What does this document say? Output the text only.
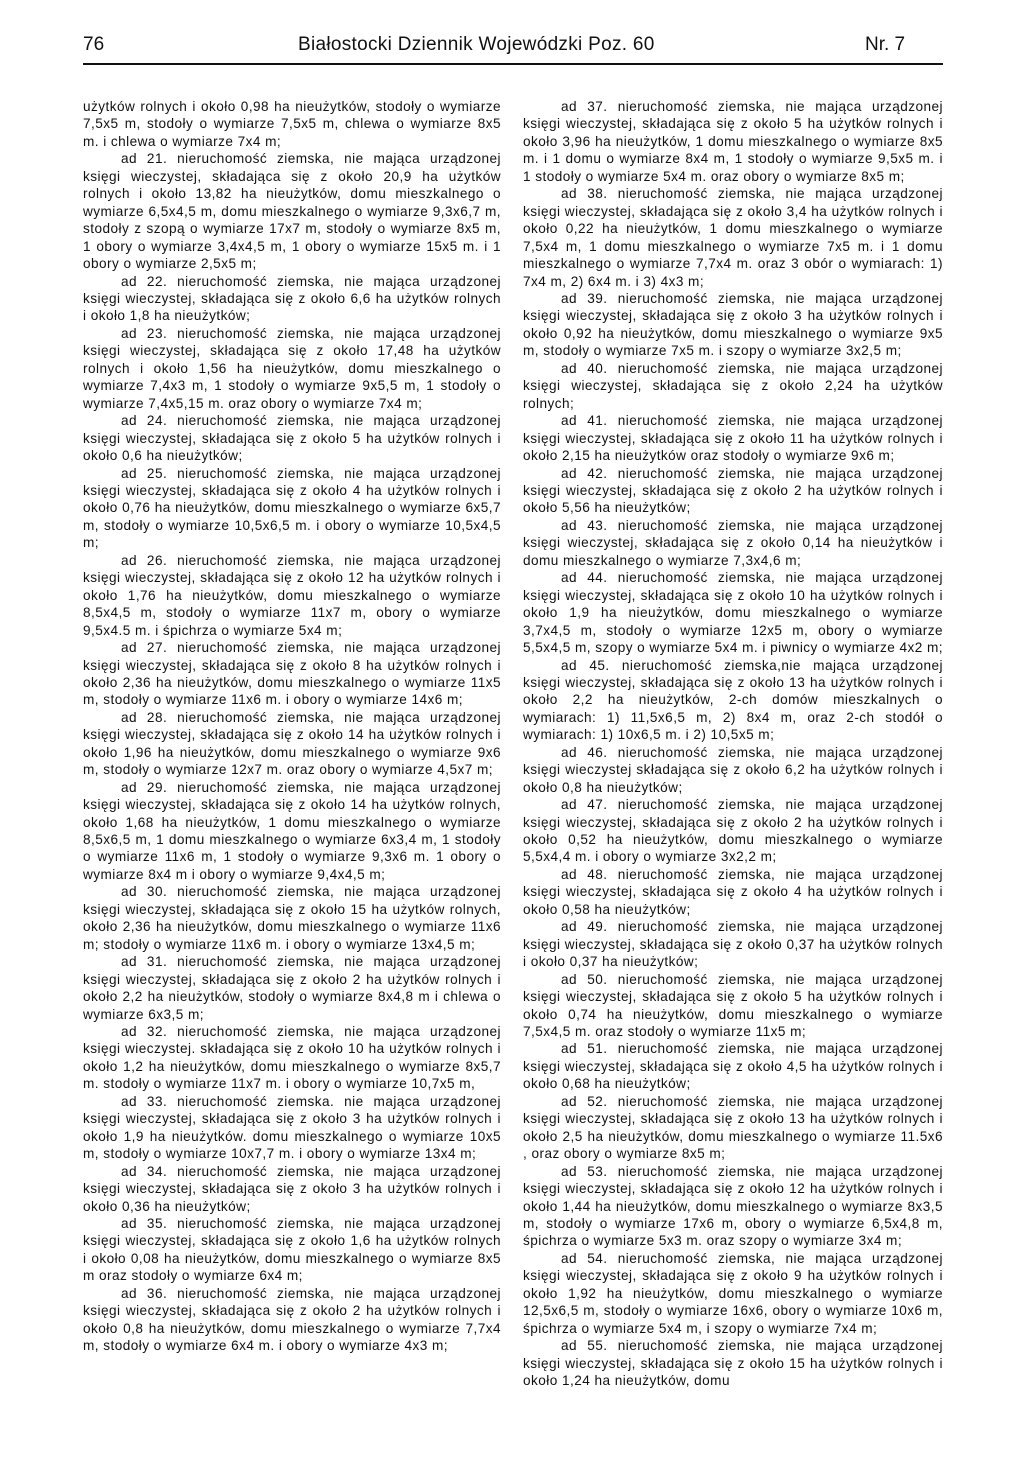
76	Białostocki Dziennik Wojewódzki Poz. 60	Nr. 7

użytków rolnych i około 0,98 ha nieużytków, stodoły o wymiarze 7,5x5 m, stodoły o wymiarze 7,5x5 m, chlewa o wymiarze 8x5 m. i chlewa o wymiarze 7x4 m;

ad 21. nieruchomość ziemska, nie mająca urządzonej księgi wieczystej, składająca się z około 20,9 ha użytków rolnych i około 13,82 ha nieużytków, domu mieszkalnego o wymiarze 6,5x4,5 m, domu mieszkalnego o wymiarze 9,3x6,7 m, stodoły z szopą o wymiarze 17x7 m, stodoły o wymiarze 8x5 m, 1 obory o wymiarze 3,4x4,5 m, 1 obory o wymiarze 15x5 m. i 1 obory o wymiarze 2,5x5 m;

ad 22. nieruchomość ziemska, nie mająca urządzonej księgi wieczystej, składająca się z około 6,6 ha użytków rolnych i około 1,8 ha nieużytków;

ad 23. nieruchomość ziemska, nie mająca urządzonej księgi wieczystej, składająca się z około 17,48 ha użytków rolnych i około 1,56 ha nieużytków, domu mieszkalnego o wymiarze 7,4x3 m, 1 stodoły o wymiarze 9x5,5 m, 1 stodoły o wymiarze 7,4x5,15 m. oraz obory o wymiarze 7x4 m;

ad 24. nieruchomość ziemska, nie mająca urządzonej księgi wieczystej, składająca się z około 5 ha użytków rolnych i około 0,6 ha nieużytków;

ad 25. nieruchomość ziemska, nie mająca urządzonej księgi wieczystej, składająca się z około 4 ha użytków rolnych i około 0,76 ha nieużytków, domu mieszkalnego o wymiarze 6x5,7 m, stodoły o wymiarze 10,5x6,5 m. i obory o wymiarze 10,5x4,5 m;

ad 26. nieruchomość ziemska, nie mająca urządzonej księgi wieczystej, składająca się z około 12 ha użytków rolnych i około 1,76 ha nieużytków, domu mieszkalnego o wymiarze 8,5x4,5 m, stodoły o wymiarze 11x7 m, obory o wymiarze 9,5x4.5 m. i śpichrza o wymiarze 5x4 m;

ad 27. nieruchomość ziemska, nie mająca urządzonej księgi wieczystej, składająca się z około 8 ha użytków rolnych i około 2,36 ha nieużytków, domu mieszkalnego o wymiarze 11x5 m, stodoły o wymiarze 11x6 m. i obory o wymiarze 14x6 m;

ad 28. nieruchomość ziemska, nie mająca urządzonej księgi wieczystej, składająca się z około 14 ha użytków rolnych i około 1,96 ha nieużytków, domu mieszkalnego o wymiarze 9x6 m, stodoły o wymiarze 12x7 m. oraz obory o wymiarze 4,5x7 m;

ad 29. nieruchomość ziemska, nie mająca urządzonej księgi wieczystej, składająca się z około 14 ha użytków rolnych, około 1,68 ha nieużytków, 1 domu mieszkalnego o wymiarze 8,5x6,5 m, 1 domu mieszkalnego o wymiarze 6x3,4 m, 1 stodoły o wymiarze 11x6 m, 1 stodoły o wymiarze 9,3x6 m. 1 obory o wymiarze 8x4 m i obory o wymiarze 9,4x4,5 m;

ad 30. nieruchomość ziemska, nie mająca urządzonej księgi wieczystej, składająca się z około 15 ha użytków rolnych, około 2,36 ha nieużytków, domu mieszkalnego o wymiarze 11x6 m; stodoły o wymiarze 11x6 m. i obory o wymiarze 13x4,5 m;

ad 31. nieruchomość ziemska, nie mająca urządzonej księgi wieczystej, składająca się z około 2 ha użytków rolnych i około 2,2 ha nieużytków, stodoły o wymiarze 8x4,8 m i chlewa o wymiarze 6x3,5 m;

ad 32. nieruchomość ziemska, nie mająca urządzonej księgi wieczystej. składająca się z około 10 ha użytków rolnych i około 1,2 ha nieużytków, domu mieszkalnego o wymiarze 8x5,7 m. stodoły o wymiarze 11x7 m. i obory o wymiarze 10,7x5 m,

ad 33. nieruchomość ziemska. nie mająca urządzonej księgi wieczystej, składająca się z około 3 ha użytków rolnych i około 1,9 ha nieużytków. domu mieszkalnego o wymiarze 10x5 m, stodoły o wymiarze 10x7,7 m. i obory o wymiarze 13x4 m;

ad 34. nieruchomość ziemska, nie mająca urządzonej księgi wieczystej, składająca się z około 3 ha użytków rolnych i około 0,36 ha nieużytków;

ad 35. nieruchomość ziemska, nie mająca urządzonej księgi wieczystej, składająca się z około 1,6 ha użytków rolnych i około 0,08 ha nieużytków, domu mieszkalnego o wymiarze 8x5 m oraz stodoły o wymiarze 6x4 m;

ad 36. nieruchomość ziemska, nie mająca urządzonej księgi wieczystej, składająca się z około 2 ha użytków rolnych i około 0,8 ha nieużytków, domu mieszkalnego o wymiarze 7,7x4 m, stodoły o wymiarze 6x4 m. i obory o wymiarze 4x3 m;

ad 37. nieruchomość ziemska, nie mająca urządzonej księgi wieczystej, składająca się z około 5 ha użytków rolnych i około 3,96 ha nieużytków, 1 domu mieszkalnego o wymiarze 8x5 m. i 1 domu o wymiarze 8x4 m, 1 stodoły o wymiarze 9,5x5 m. i 1 stodoły o wymiarze 5x4 m. oraz obory o wymiarze 8x5 m;

ad 38. nieruchomość ziemska, nie mająca urządzonej księgi wieczystej, składająca się z około 3,4 ha użytków rolnych i około 0,22 ha nieużytków, 1 domu mieszkalnego o wymiarze 7,5x4 m, 1 domu mieszkalnego o wymiarze 7x5 m. i 1 domu mieszkalnego o wymiarze 7,7x4 m. oraz 3 obór o wymiarach: 1) 7x4 m, 2) 6x4 m. i 3) 4x3 m;

ad 39. nieruchomość ziemska, nie mająca urządzonej księgi wieczystej, składająca się z około 3 ha użytków rolnych i około 0,92 ha nieużytków, domu mieszkalnego o wymiarze 9x5 m, stodoły o wymiarze 7x5 m. i szopy o wymiarze 3x2,5 m;

ad 40. nieruchomość ziemska, nie mająca urządzonej księgi wieczystej, składająca się z około 2,24 ha użytków rolnych;

ad 41. nieruchomość ziemska, nie mająca urządzonej księgi wieczystej, składająca się z około 11 ha użytków rolnych i około 2,15 ha nieużytków oraz stodoły o wymiarze 9x6 m;

ad 42. nieruchomość ziemska, nie mająca urządzonej księgi wieczystej, składająca się z około 2 ha użytków rolnych i około 5,56 ha nieużytków;

ad 43. nieruchomość ziemska, nie mająca urządzonej księgi wieczystej, składająca się z około 0,14 ha nieużytków i domu mieszkalnego o wymiarze 7,3x4,6 m;

ad 44. nieruchomość ziemska, nie mająca urządzonej księgi wieczystej, składająca się z około 10 ha użytków rolnych i około 1,9 ha nieużytków, domu mieszkalnego o wymiarze 3,7x4,5 m, stodoły o wymiarze 12x5 m, obory o wymiarze 5,5x4,5 m, szopy o wymiarze 5x4 m. i piwnicy o wymiarze 4x2 m;

ad 45. nieruchomość ziemska,nie mająca urządzonej księgi wieczystej, składająca się z około 13 ha użytków rolnych i około 2,2 ha nieużytków, 2-ch domów mieszkalnych o wymiarach: 1) 11,5x6,5 m, 2) 8x4 m, oraz 2-ch stodół o wymiarach: 1) 10x6,5 m. i 2) 10,5x5 m;

ad 46. nieruchomość ziemska, nie mająca urządzonej księgi wieczystej składająca się z około 6,2 ha użytków rolnych i około 0,8 ha nieużytków;

ad 47. nieruchomość ziemska, nie mająca urządzonej księgi wieczystej, składająca się z około 2 ha użytków rolnych i około 0,52 ha nieużytków, domu mieszkalnego o wymiarze 5,5x4,4 m. i obory o wymiarze 3x2,2 m;

ad 48. nieruchomość ziemska, nie mająca urządzonej księgi wieczystej, składająca się z około 4 ha użytków rolnych i około 0,58 ha nieużytków;

ad 49. nieruchomość ziemska, nie mająca urządzonej księgi wieczystej, składająca się z około 0,37 ha użytków rolnych i około 0,37 ha nieużytków;

ad 50. nieruchomość ziemska, nie mająca urządzonej księgi wieczystej, składająca się z około 5 ha użytków rolnych i około 0,74 ha nieużytków, domu mieszkalnego o wymiarze 7,5x4,5 m. oraz stodoły o wymiarze 11x5 m;

ad 51. nieruchomość ziemska, nie mająca urządzonej księgi wieczystej, składająca się z około 4,5 ha użytków rolnych i około 0,68 ha nieużytków;

ad 52. nieruchomość ziemska, nie mająca urządzonej księgi wieczystej, składająca się z około 13 ha użytków rolnych i około 2,5 ha nieużytków, domu mieszkalnego o wymiarze 11.5x6 , oraz obory o wymiarze 8x5 m;

ad 53. nieruchomość ziemska, nie mająca urządzonej księgi wieczystej, składająca się z około 12 ha użytków rolnych i około 1,44 ha nieużytków, domu mieszkalnego o wymiarze 8x3,5 m, stodoły o wymiarze 17x6 m, obory o wymiarze 6,5x4,8 m, śpichrza o wymiarze 5x3 m. oraz szopy o wymiarze 3x4 m;

ad 54. nieruchomość ziemska, nie mająca urządzonej księgi wieczystej, składająca się z około 9 ha użytków rolnych i około 1,92 ha nieużytków, domu mieszkalnego o wymiarze 12,5x6,5 m, stodoły o wymiarze 16x6, obory o wymiarze 10x6 m, śpichrza o wymiarze 5x4 m, i szopy o wymiarze 7x4 m;

ad 55. nieruchomość ziemska, nie mająca urządzonej księgi wieczystej, składająca się z około 15 ha użytków rolnych i około 1,24 ha nieużytków, domu
